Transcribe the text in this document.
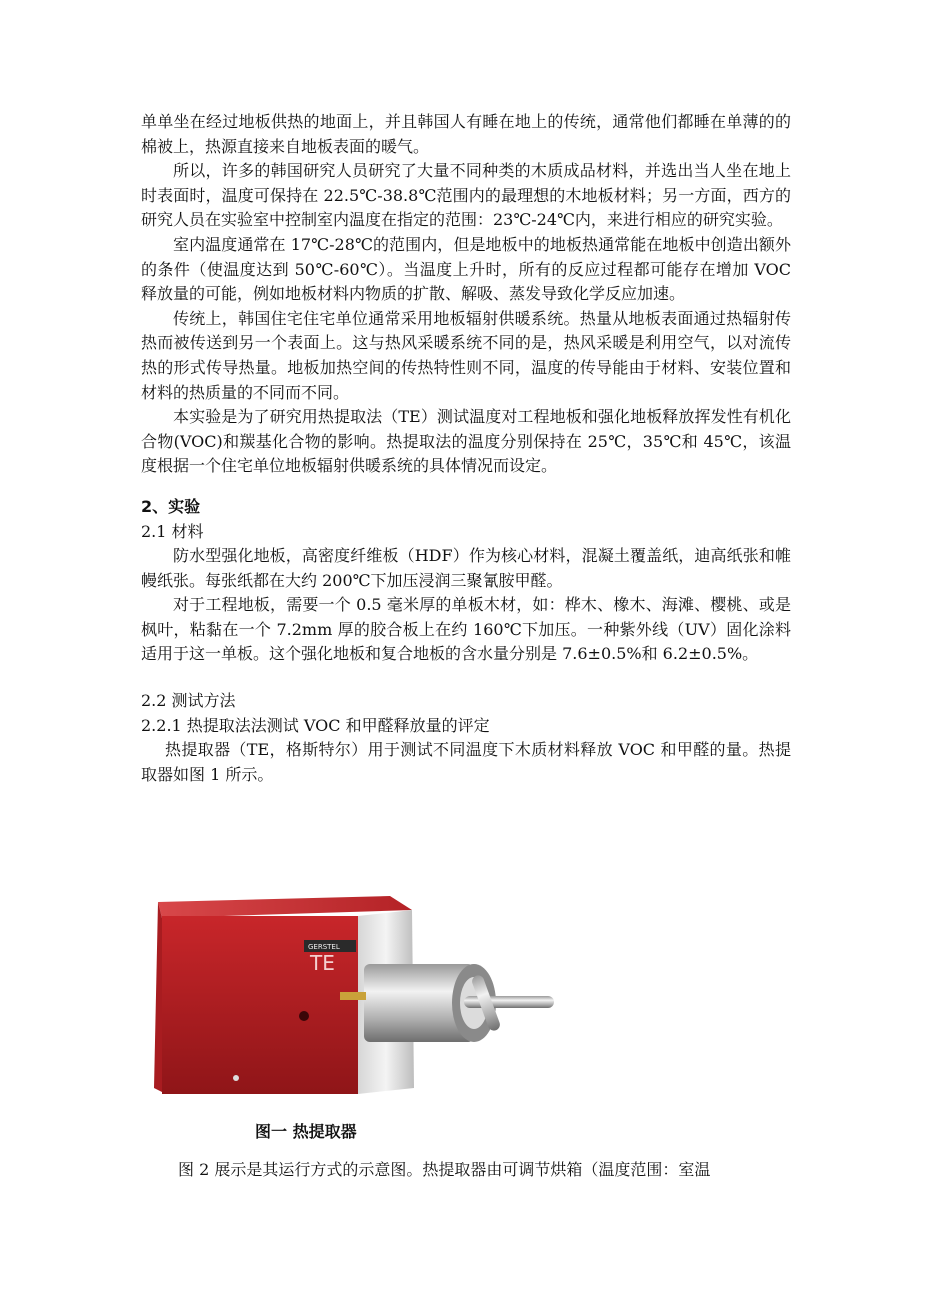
单单坐在经过地板供热的地面上，并且韩国人有睡在地上的传统，通常他们都睡在单薄的的棉被上，热源直接来自地板表面的暖气。

所以，许多的韩国研究人员研究了大量不同种类的木质成品材料，并选出当人坐在地上时表面时，温度可保持在 22.5℃-38.8℃范围内的最理想的木地板材料；另一方面，西方的研究人员在实验室中控制室内温度在指定的范围：23℃-24℃内，来进行相应的研究实验。

室内温度通常在 17℃-28℃的范围内，但是地板中的地板热通常能在地板中创造出额外的条件（使温度达到 50℃-60℃）。当温度上升时，所有的反应过程都可能存在增加 VOC 释放量的可能，例如地板材料内物质的扩散、解吸、蒸发导致化学反应加速。

传统上，韩国住宅住宅单位通常采用地板辐射供暖系统。热量从地板表面通过热辐射传热而被传送到另一个表面上。这与热风采暖系统不同的是，热风采暖是利用空气，以对流传热的形式传导热量。地板加热空间的传热特性则不同，温度的传导能由于材料、安装位置和材料的热质量的不同而不同。

本实验是为了研究用热提取法（TE）测试温度对工程地板和强化地板释放挥发性有机化合物(VOC)和羰基化合物的影响。热提取法的温度分别保持在 25℃，35℃和 45℃，该温度根据一个住宅单位地板辐射供暖系统的具体情况而设定。

2、实验

2.1 材料

防水型强化地板，高密度纤维板（HDF）作为核心材料，混凝土覆盖纸，迪高纸张和帷幔纸张。每张纸都在大约 200℃下加压浸润三聚氰胺甲醛。

对于工程地板，需要一个 0.5 毫米厚的单板木材，如：桦木、橡木、海滩、樱桃、或是枫叶，粘黏在一个 7.2mm 厚的胶合板上在约 160℃下加压。一种紫外线（UV）固化涂料适用于这一单板。这个强化地板和复合地板的含水量分别是 7.6±0.5%和 6.2±0.5%。

2.2 测试方法

2.2.1 热提取法法测试 VOC 和甲醛释放量的评定

热提取器（TE，格斯特尔）用于测试不同温度下木质材料释放 VOC 和甲醛的量。热提取器如图 1 所示。

GERSTEL
TE
图一 热提取器

图 2 展示是其运行方式的示意图。热提取器由可调节烘箱（温度范围：室温
